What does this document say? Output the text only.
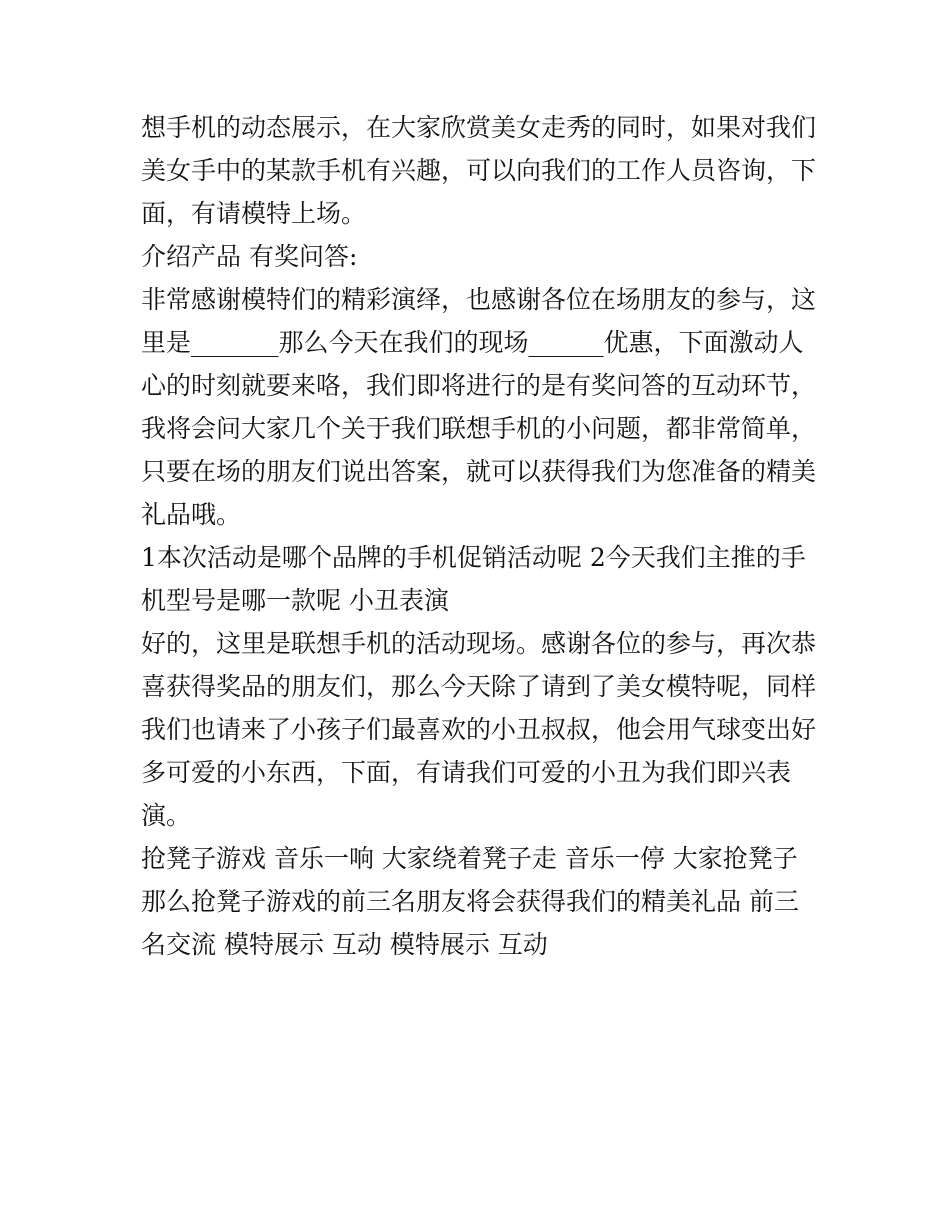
想手机的动态展示，在大家欣赏美女走秀的同时，如果对我们
美女手中的某款手机有兴趣，可以向我们的工作人员咨询，下
面，有请模特上场。
介绍产品 有奖问答:
非常感谢模特们的精彩演绎，也感谢各位在场朋友的参与，这
里是_______那么今天在我们的现场______优惠，下面激动人
心的时刻就要来咯，我们即将进行的是有奖问答的互动环节，
我将会问大家几个关于我们联想手机的小问题，都非常简单，
只要在场的朋友们说出答案，就可以获得我们为您准备的精美
礼品哦。
1本次活动是哪个品牌的手机促销活动呢 2今天我们主推的手
机型号是哪一款呢 小丑表演
好的，这里是联想手机的活动现场。感谢各位的参与，再次恭
喜获得奖品的朋友们，那么今天除了请到了美女模特呢，同样
我们也请来了小孩子们最喜欢的小丑叔叔，他会用气球变出好
多可爱的小东西，下面，有请我们可爱的小丑为我们即兴表
演。
抢凳子游戏 音乐一响 大家绕着凳子走 音乐一停 大家抢凳子
那么抢凳子游戏的前三名朋友将会获得我们的精美礼品 前三
名交流 模特展示 互动 模特展示 互动
